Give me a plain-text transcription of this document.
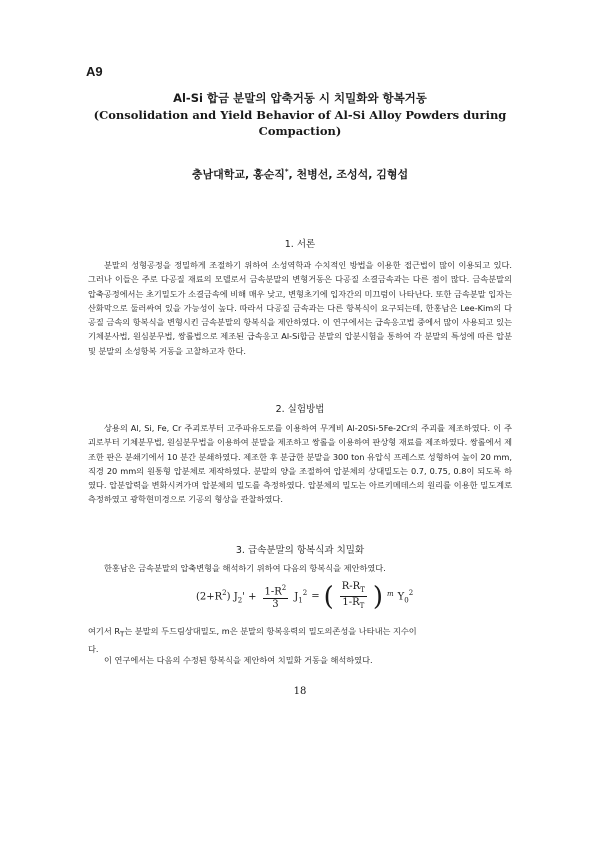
A9
Al-Si 합금 분말의 압축거동 시 치밀화와 항복거동
(Consolidation and Yield Behavior of Al-Si Alloy Powders during
Compaction)
충남대학교, 홍순직*, 천병선, 조성석, 김형섭
1. 서론

분말의 성형공정을 정밀하게 조절하기 위하여 소성역학과 수치적인 방법을 이용한 접근법이 많이 이용되고 있다. 그러나 이들은 주로 다공질 재료의 모델로서 금속분말의 변형거동은 다공질 소결금속과는 다른 점이 많다. 금속분말의 압축공정에서는 초기밀도가 소결금속에 비해 매우 낮고, 변형초기에 입자간의 미끄럼이 나타난다. 또한 금속분말 입자는 산화막으로 둘러싸여 있을 가능성이 높다. 따라서 다공질 금속과는 다른 항복식이 요구되는데, 한홍남은 Lee-Kim의 다공질 금속의 항복식을 변형시킨 금속분말의 항복식을 제안하였다. 이 연구에서는 급속응고법 중에서 많이 사용되고 있는 기체분사법, 원심분무법, 쌍롤법으로 제조된 급속응고 Al-Si합금 분말의 압분시험을 통하여 각 분말의 특성에 따른 압분 및 분말의 소성항복 거동을 고찰하고자 한다.

2. 실험방법

상용의 Al, Si, Fe, Cr 주괴로부터 고주파유도로를 이용하여 무게비 Al-20Si-5Fe-2Cr의 주괴를 제조하였다. 이 주괴로부터 기체분무법, 원심분무법을 이용하여 분말을 제조하고 쌍롤을 이용하여 판상형 재료를 제조하였다. 쌍롤에서 제조한 판은 분쇄기에서 10 분간 분쇄하였다. 제조한 후 분급한 분말을 300 ton 유압식 프레스로 성형하여 높이 20 mm, 직경 20 mm의 원통형 압분체로 제작하였다. 분말의 양을 조절하여 압분체의 상대밀도는 0.7, 0.75, 0.8이 되도록 하였다. 압분압력을 변화시켜가며 압분체의 밀도를 측정하였다. 압분체의 밀도는 아르키메데스의 원리를 이용한 밀도계로 측정하였고 광학현미경으로 기공의 형상을 관찰하였다.

3. 급속분말의 항복식과 치밀화

한홍남은 금속분말의 압축변형을 해석하기 위하여 다음의 항복식을 제안하였다.

$(2+R^2) J_2' + \frac{1-R^2}{3} J_1^2$ = ( $\frac{R-R_T}{1-R_T}$ ) $^m$ $Y_0^2$
여기서 RT는 분말의 두드림상대밀도, m은 분말의 항복응력의 밀도의존성을 나타내는 지수이
다.
이 연구에서는 다음의 수정된 항복식을 제안하여 치밀화 거동을 해석하였다.
18
